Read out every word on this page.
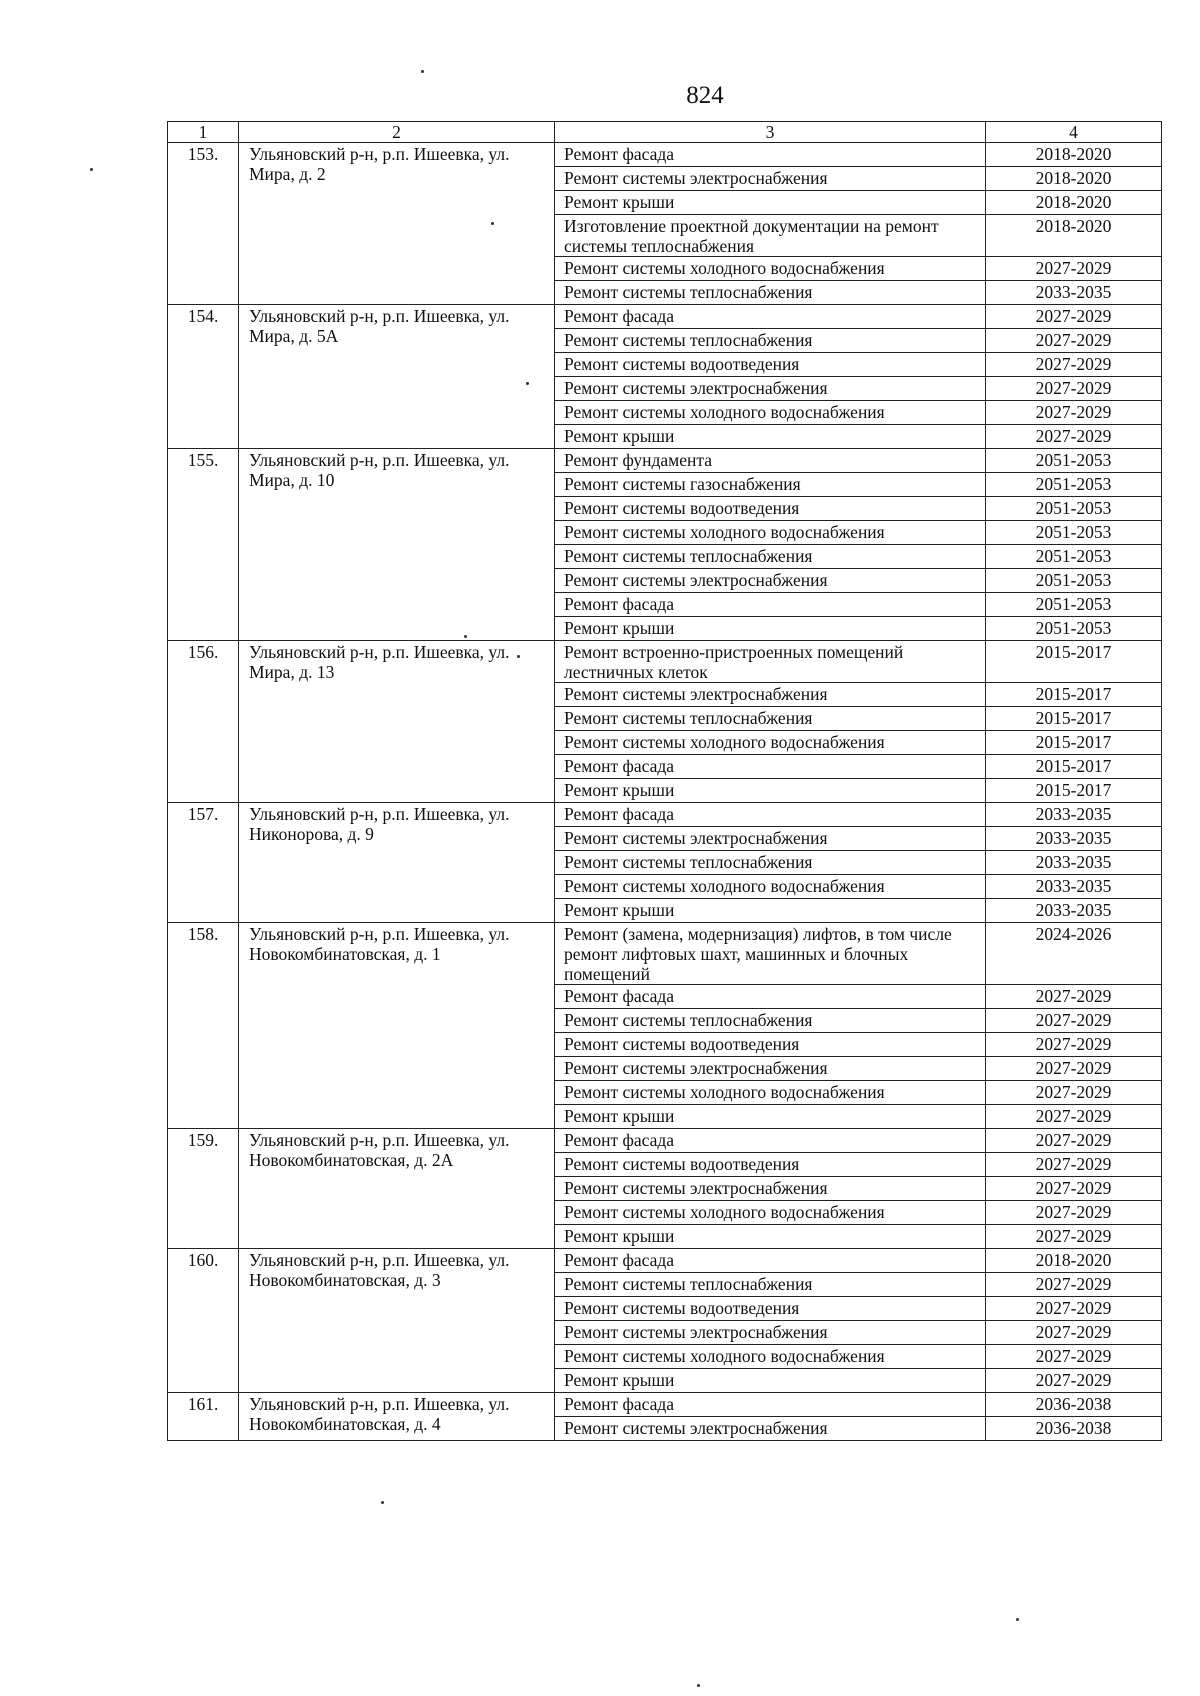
824
1	2	3	4
153.	Ульяновский р-н, р.п. Ишеевка, ул. Мира, д. 2	Ремонт фасада	2018-2020
		Ремонт системы электроснабжения	2018-2020
		Ремонт крыши	2018-2020
		Изготовление проектной документации на ремонт системы теплоснабжения	2018-2020
		Ремонт системы холодного водоснабжения	2027-2029
		Ремонт системы теплоснабжения	2033-2035
154.	Ульяновский р-н, р.п. Ишеевка, ул. Мира, д. 5А	Ремонт фасада	2027-2029
		Ремонт системы теплоснабжения	2027-2029
		Ремонт системы водоотведения	2027-2029
		Ремонт системы электроснабжения	2027-2029
		Ремонт системы холодного водоснабжения	2027-2029
		Ремонт крыши	2027-2029
155.	Ульяновский р-н, р.п. Ишеевка, ул. Мира, д. 10	Ремонт фундамента	2051-2053
		Ремонт системы газоснабжения	2051-2053
		Ремонт системы водоотведения	2051-2053
		Ремонт системы холодного водоснабжения	2051-2053
		Ремонт системы теплоснабжения	2051-2053
		Ремонт системы электроснабжения	2051-2053
		Ремонт фасада	2051-2053
		Ремонт крыши	2051-2053
156.	Ульяновский р-н, р.п. Ишеевка, ул. Мира, д. 13	Ремонт встроенно-пристроенных помещений лестничных клеток	2015-2017
		Ремонт системы электроснабжения	2015-2017
		Ремонт системы теплоснабжения	2015-2017
		Ремонт системы холодного водоснабжения	2015-2017
		Ремонт фасада	2015-2017
		Ремонт крыши	2015-2017
157.	Ульяновский р-н, р.п. Ишеевка, ул. Никонорова, д. 9	Ремонт фасада	2033-2035
		Ремонт системы электроснабжения	2033-2035
		Ремонт системы теплоснабжения	2033-2035
		Ремонт системы холодного водоснабжения	2033-2035
		Ремонт крыши	2033-2035
158.	Ульяновский р-н, р.п. Ишеевка, ул. Новокомбинатовская, д. 1	Ремонт (замена, модернизация) лифтов, в том числе ремонт лифтовых шахт, машинных и блочных помещений	2024-2026
		Ремонт фасада	2027-2029
		Ремонт системы теплоснабжения	2027-2029
		Ремонт системы водоотведения	2027-2029
		Ремонт системы электроснабжения	2027-2029
		Ремонт системы холодного водоснабжения	2027-2029
		Ремонт крыши	2027-2029
159.	Ульяновский р-н, р.п. Ишеевка, ул. Новокомбинатовская, д. 2А	Ремонт фасада	2027-2029
		Ремонт системы водоотведения	2027-2029
		Ремонт системы электроснабжения	2027-2029
		Ремонт системы холодного водоснабжения	2027-2029
		Ремонт крыши	2027-2029
160.	Ульяновский р-н, р.п. Ишеевка, ул. Новокомбинатовская, д. 3	Ремонт фасада	2018-2020
		Ремонт системы теплоснабжения	2027-2029
		Ремонт системы водоотведения	2027-2029
		Ремонт системы электроснабжения	2027-2029
		Ремонт системы холодного водоснабжения	2027-2029
		Ремонт крыши	2027-2029
161.	Ульяновский р-н, р.п. Ишеевка, ул. Новокомбинатовская, д. 4	Ремонт фасада	2036-2038
		Ремонт системы электроснабжения	2036-2038
